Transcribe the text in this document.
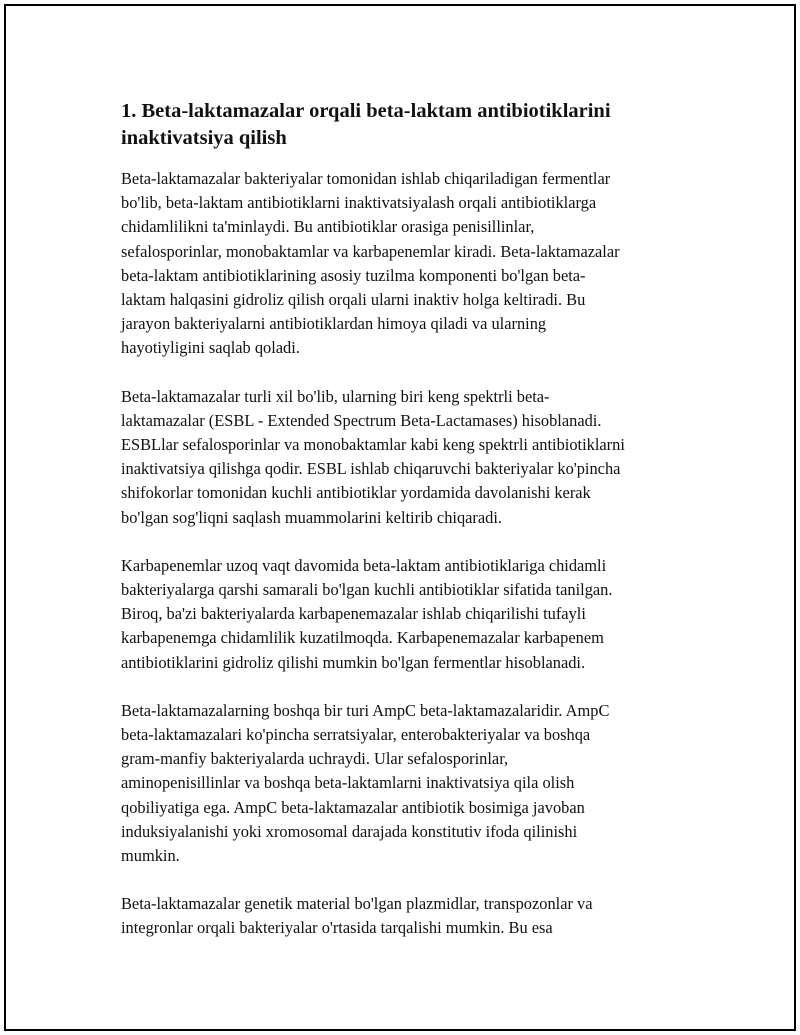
1. Beta-laktamazalar orqali beta-laktam antibiotiklarini
inaktivatsiya qilish

Beta-laktamazalar bakteriyalar tomonidan ishlab chiqariladigan fermentlar
bo'lib, beta-laktam antibiotiklarni inaktivatsiyalash orqali antibiotiklarga
chidamlilikni ta'minlaydi. Bu antibiotiklar orasiga penisillinlar,
sefalosporinlar, monobaktamlar va karbapenemlar kiradi. Beta-laktamazalar
beta-laktam antibiotiklarining asosiy tuzilma komponenti bo'lgan beta-
laktam halqasini gidroliz qilish orqali ularni inaktiv holga keltiradi. Bu
jarayon bakteriyalarni antibiotiklardan himoya qiladi va ularning
hayotiyligini saqlab qoladi.

Beta-laktamazalar turli xil bo'lib, ularning biri keng spektrli beta-
laktamazalar (ESBL - Extended Spectrum Beta-Lactamases) hisoblanadi.
ESBLlar sefalosporinlar va monobaktamlar kabi keng spektrli antibiotiklarni
inaktivatsiya qilishga qodir. ESBL ishlab chiqaruvchi bakteriyalar ko'pincha
shifokorlar tomonidan kuchli antibiotiklar yordamida davolanishi kerak
bo'lgan sog'liqni saqlash muammolarini keltirib chiqaradi.

Karbapenemlar uzoq vaqt davomida beta-laktam antibiotiklariga chidamli
bakteriyalarga qarshi samarali bo'lgan kuchli antibiotiklar sifatida tanilgan.
Biroq, ba'zi bakteriyalarda karbapenemazalar ishlab chiqarilishi tufayli
karbapenemga chidamlilik kuzatilmoqda. Karbapenemazalar karbapenem
antibiotiklarini gidroliz qilishi mumkin bo'lgan fermentlar hisoblanadi.

Beta-laktamazalarning boshqa bir turi AmpC beta-laktamazalaridir. AmpC
beta-laktamazalari ko'pincha serratsiyalar, enterobakteriyalar va boshqa
gram-manfiy bakteriyalarda uchraydi. Ular sefalosporinlar,
aminopenisillinlar va boshqa beta-laktamlarni inaktivatsiya qila olish
qobiliyatiga ega. AmpC beta-laktamazalar antibiotik bosimiga javoban
induksiyalanishi yoki xromosomal darajada konstitutiv ifoda qilinishi
mumkin.

Beta-laktamazalar genetik material bo'lgan plazmidlar, transpozonlar va
integronlar orqali bakteriyalar o'rtasida tarqalishi mumkin. Bu esa
